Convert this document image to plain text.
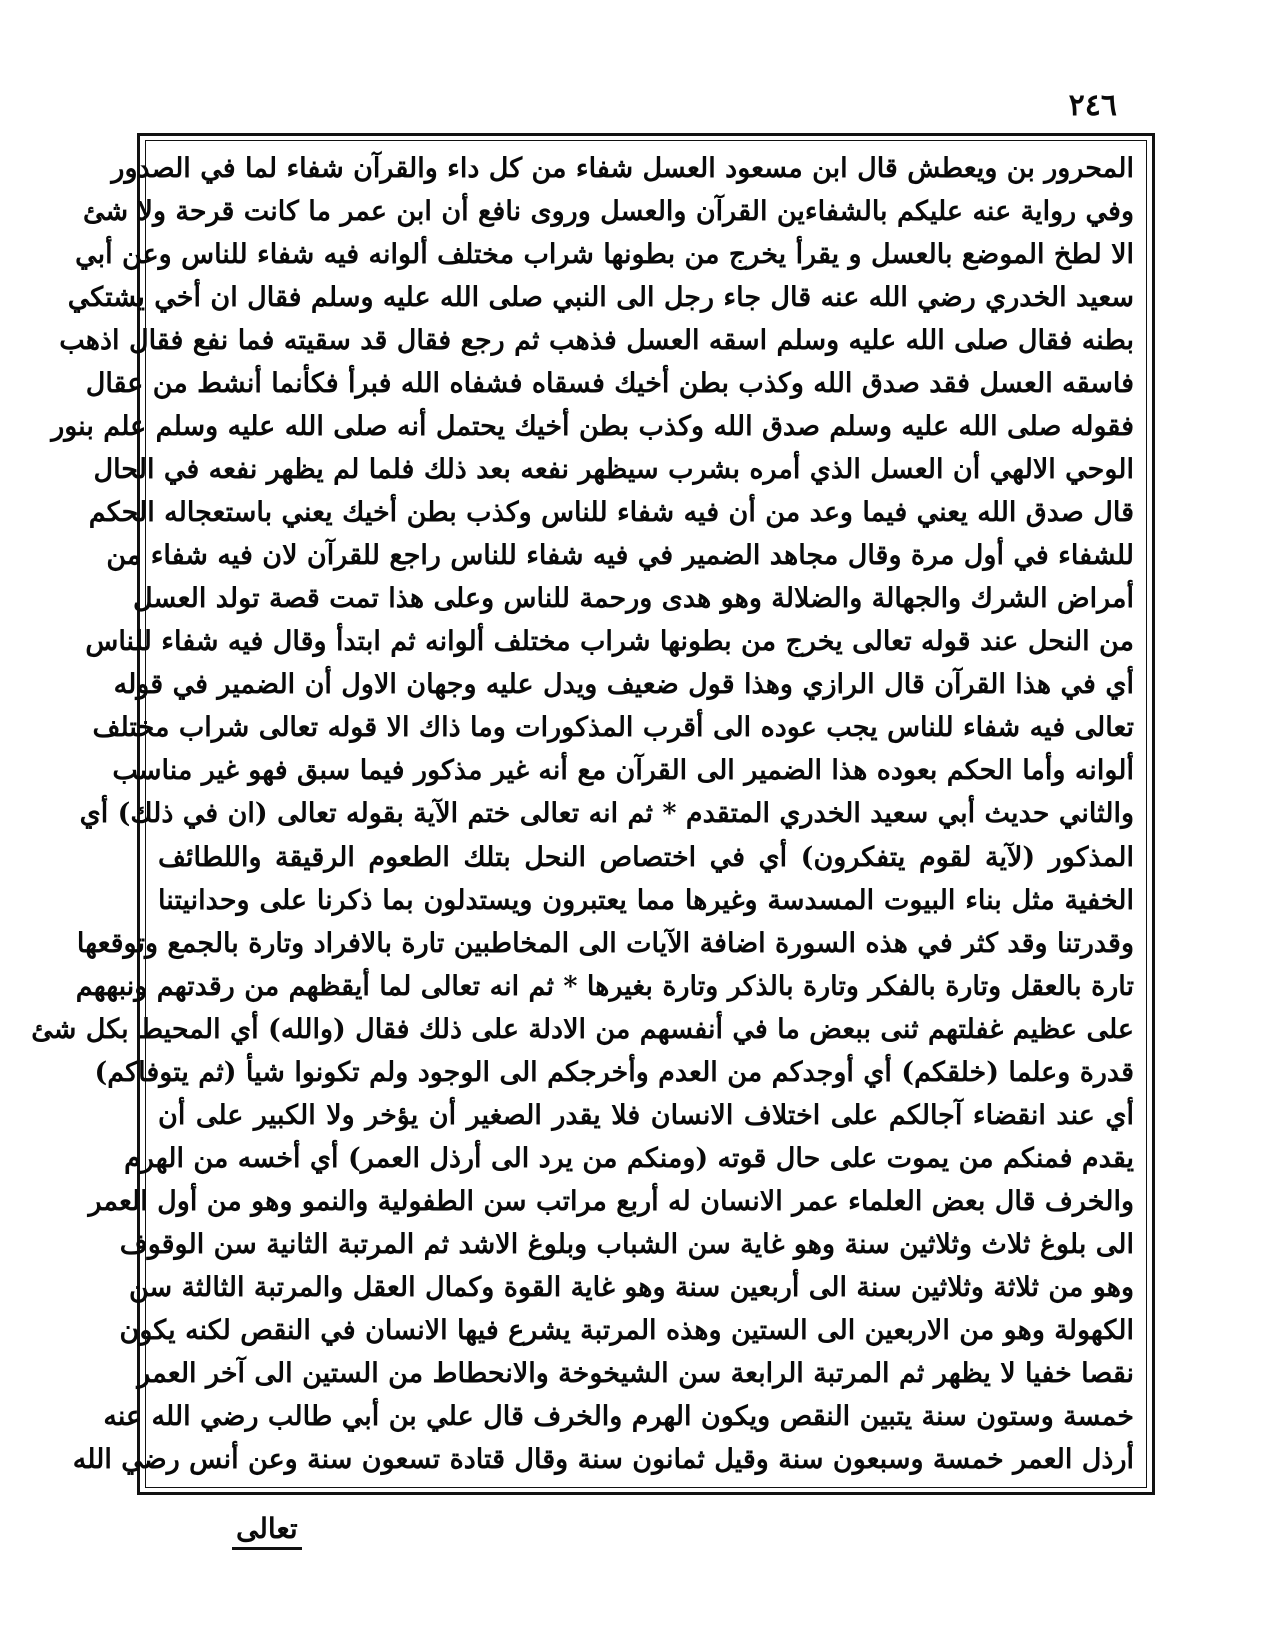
٢٤٦
المحرور بن ويعطش قال ابن مسعود العسل شفاء من كل داء والقرآن شفاء لما في الصدور
وفي رواية عنه عليكم بالشفاءين القرآن والعسل وروى نافع أن ابن عمر ما كانت قرحة ولا شئ
الا لطخ الموضع بالعسل و يقرأ يخرج من بطونها شراب مختلف ألوانه فيه شفاء للناس وعن أبي
سعيد الخدري رضي الله عنه قال جاء رجل الى النبي صلى الله عليه وسلم فقال ان أخي يشتكي
بطنه فقال صلى الله عليه وسلم اسقه العسل فذهب ثم رجع فقال قد سقيته فما نفع فقال اذهب
فاسقه العسل فقد صدق الله وكذب بطن أخيك فسقاه فشفاه الله فبرأ فكأنما أنشط من عقال
فقوله صلى الله عليه وسلم صدق الله وكذب بطن أخيك يحتمل أنه صلى الله عليه وسلم علم بنور
الوحي الالهي أن العسل الذي أمره بشرب سيظهر نفعه بعد ذلك فلما لم يظهر نفعه في الحال
قال صدق الله يعني فيما وعد من أن فيه شفاء للناس وكذب بطن أخيك يعني باستعجاله الحكم
للشفاء في أول مرة وقال مجاهد الضمير في فيه شفاء للناس راجع للقرآن لان فيه شفاء من
أمراض الشرك والجهالة والضلالة وهو هدى ورحمة للناس وعلى هذا تمت قصة تولد العسل
من النحل عند قوله تعالى يخرج من بطونها شراب مختلف ألوانه ثم ابتدأ وقال فيه شفاء للناس
أي في هذا القرآن قال الرازي وهذا قول ضعيف ويدل عليه وجهان الاول أن الضمير في قوله
تعالى فيه شفاء للناس يجب عوده الى أقرب المذكورات وما ذاك الا قوله تعالى شراب مختلف
ألوانه وأما الحكم بعوده هذا الضمير الى القرآن مع أنه غير مذكور فيما سبق فهو غير مناسب
والثاني حديث أبي سعيد الخدري المتقدم * ثم انه تعالى ختم الآية بقوله تعالى (ان في ذلك) أي
المذكور (لآية لقوم يتفكرون) أي في اختصاص النحل بتلك الطعوم الرقيقة واللطائف
الخفية مثل بناء البيوت المسدسة وغيرها مما يعتبرون ويستدلون بما ذكرنا على وحدانيتنا
وقدرتنا وقد كثر في هذه السورة اضافة الآيات الى المخاطبين تارة بالافراد وتارة بالجمع وتوقعها
تارة بالعقل وتارة بالفكر وتارة بالذكر وتارة بغيرها * ثم انه تعالى لما أيقظهم من رقدتهم ونبههم
على عظيم غفلتهم ثنى ببعض ما في أنفسهم من الادلة على ذلك فقال (والله) أي المحيط بكل شئ
قدرة وعلما (خلقكم) أي أوجدكم من العدم وأخرجكم الى الوجود ولم تكونوا شيأ (ثم يتوفاكم)
أي عند انقضاء آجالكم على اختلاف الانسان فلا يقدر الصغير أن يؤخر ولا الكبير على أن
يقدم فمنكم من يموت على حال قوته (ومنكم من يرد الى أرذل العمر) أي أخسه من الهرم
والخرف قال بعض العلماء عمر الانسان له أربع مراتب سن الطفولية والنمو وهو من أول العمر
الى بلوغ ثلاث وثلاثين سنة وهو غاية سن الشباب وبلوغ الاشد ثم المرتبة الثانية سن الوقوف
وهو من ثلاثة وثلاثين سنة الى أربعين سنة وهو غاية القوة وكمال العقل والمرتبة الثالثة سن
الكهولة وهو من الاربعين الى الستين وهذه المرتبة يشرع فيها الانسان في النقص لكنه يكون
نقصا خفيا لا يظهر ثم المرتبة الرابعة سن الشيخوخة والانحطاط من الستين الى آخر العمر
خمسة وستون سنة يتبين النقص ويكون الهرم والخرف قال علي بن أبي طالب رضي الله عنه
أرذل العمر خمسة وسبعون سنة وقيل ثمانون سنة وقال قتادة تسعون سنة وعن أنس رضي الله
تعالى
